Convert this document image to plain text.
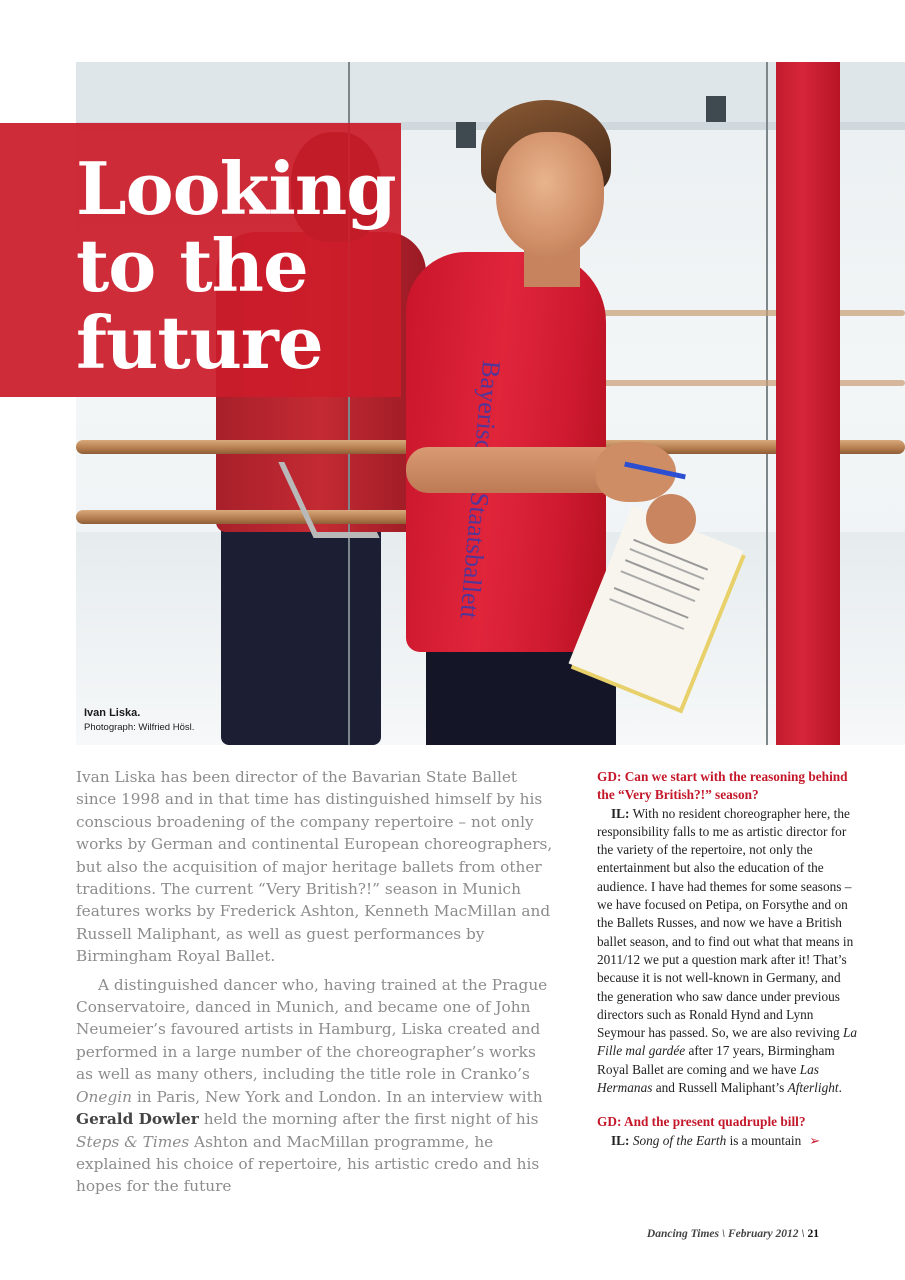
Ivan Liska.
Photograph: Wilfried Hösl.
Looking
to the
future

Ivan Liska has been director of the Bavarian State Ballet since 1998 and in that time has distinguished himself by his conscious broadening of the company repertoire – not only works by German and continental European choreographers, but also the acquisition of major heritage ballets from other traditions. The current “Very British?!” season in Munich features works by Frederick Ashton, Kenneth MacMillan and Russell Maliphant, as well as guest performances by Birmingham Royal Ballet.

A distinguished dancer who, having trained at the Prague Conservatoire, danced in Munich, and became one of John Neumeier’s favoured artists in Hamburg, Liska created and performed in a large number of the choreographer’s works as well as many others, including the title role in Cranko’s Onegin in Paris, New York and London. In an interview with Gerald Dowler held the morning after the first night of his Steps & Times Ashton and MacMillan programme, he explained his choice of repertoire, his artistic credo and his hopes for the future

GD: Can we start with the reasoning behind the “Very British?!” season?

IL: With no resident choreographer here, the responsibility falls to me as artistic director for the variety of the repertoire, not only the entertainment but also the education of the audience. I have had themes for some seasons – we have focused on Petipa, on Forsythe and on the Ballets Russes, and now we have a British ballet season, and to find out what that means in 2011/12 we put a question mark after it! That’s because it is not well-known in Germany, and the generation who saw dance under previous directors such as Ronald Hynd and Lynn Seymour has passed. So, we are also reviving La Fille mal gardée after 17 years, Birmingham Royal Ballet are coming and we have Las Hermanas and Russell Maliphant’s Afterlight.

GD: And the present quadruple bill?

IL: Song of the Earth is a mountain ➢

Dancing Times \ February 2012 \ 21
